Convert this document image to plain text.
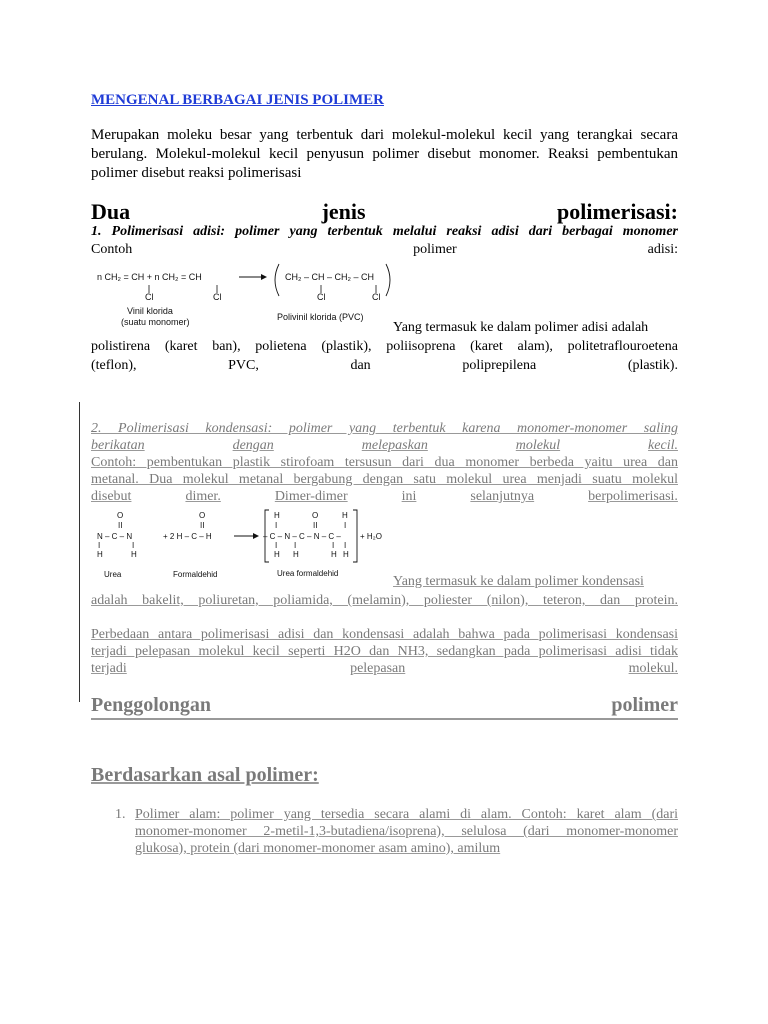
MENGENAL BERBAGAI JENIS POLIMER
Merupakan moleku besar yang terbentuk dari molekul-molekul kecil yang terangkai secara
berulang. Molekul-molekul kecil penyusun polimer disebut monomer. Reaksi pembentukan
polimer disebut reaksi polimerisasi
Dua	jenis	polimerisasi:
1. Polimerisasi adisi: polimer yang terbentuk melalui reaksi adisi dari berbagai monomer
Contoh	polimer	adisi:
n CH₂ = CH + n CH₂ = CH
Cl	Cl
CH₂ – CH – CH₂ – CH
Cl	Cl
Vinil klorida
(suatu monomer)	Polivinil klorida (PVC)
Yang termasuk ke dalam polimer adisi adalah
polistirena (karet ban), polietena (plastik), poliisoprena (karet alam), politetraflouroetena
(teflon),	PVC,	dan	poliprepilena	(plastik).
2. Polimerisasi kondensasi: polimer yang terbentuk karena monomer-monomer saling
berikatan	dengan	melepaskan	molekul	kecil.
Contoh: pembentukan plastik stirofoam tersusun dari dua monomer berbeda yaitu urea dan
metanal. Dua molekul metanal bergabung dengan satu molekul urea menjadi suatu molekul
disebut	dimer.	Dimer-dimer	ini	selanjutnya	berpolimerisasi.
O
II
N – C – N
I	I
H	H
Urea
O
II
+ 2 H – C – H
Formaldehid
H	O	H
I	II	I
– C – N – C – N – C –
I I	I I
H H	H H
+ H₂O
Urea formaldehid
Yang termasuk ke dalam polimer kondensasi
adalah bakelit, poliuretan, poliamida, (melamin), poliester (nilon), teteron, dan protein.
Perbedaan antara polimerisasi adisi dan kondensasi adalah bahwa pada polimerisasi kondensasi
terjadi pelepasan molekul kecil seperti H2O dan NH3, sedangkan pada polimerisasi adisi tidak
terjadi	pelepasan	molekul.
Penggolongan	polimer
Berdasarkan asal polimer:
1. Polimer alam: polimer yang tersedia secara alami di alam. Contoh: karet alam (dari
monomer-monomer 2-metil-1,3-butadiena/isoprena), selulosa (dari monomer-monomer
glukosa), protein (dari monomer-monomer asam amino), amilum
